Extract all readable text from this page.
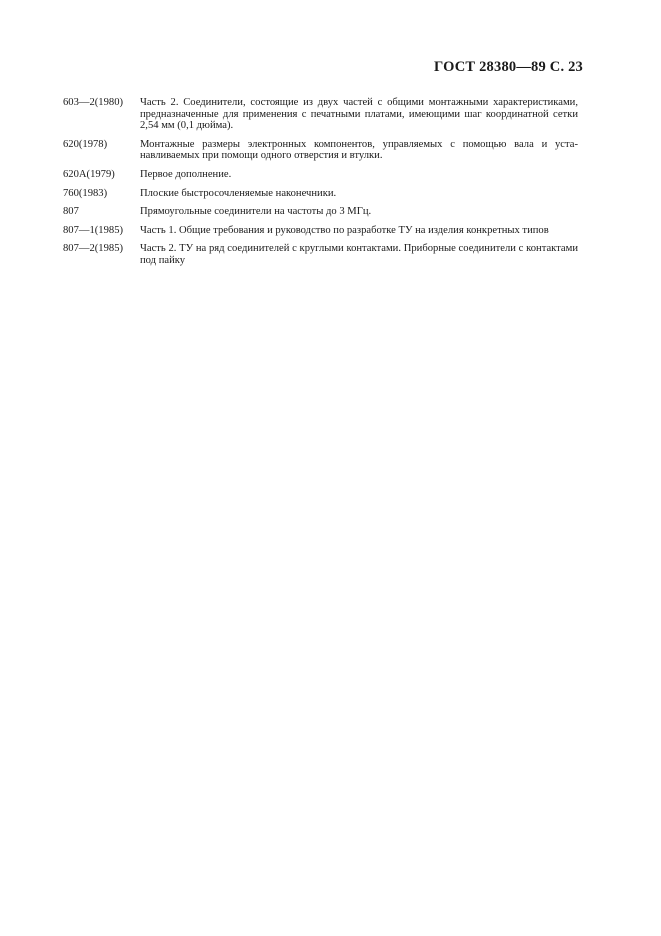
ГОСТ 28380—89 С. 23
603—2(1980)	Часть 2. Соединители, состоящие из двух частей с общими монтажными характеристиками, предназначенные для применения с печатными платами, имеющими шаг координатной сетки 2,54 мм (0,1 дюйма).
620(1978)	Монтажные размеры электронных компонентов, управляемых с помощью вала и устанавливаемых при помощи одного отверстия и втулки.
620А(1979)	Первое дополнение.
760(1983)	Плоские быстросочленяемые наконечники.
807	Прямоугольные соединители на частоты до 3 МГц.
807—1(1985)	Часть 1. Общие требования и руководство по разработке ТУ на изделия конкретных типов
807—2(1985)	Часть 2. ТУ на ряд соединителей с круглыми контактами. Приборные соединители с контактами под пайку
